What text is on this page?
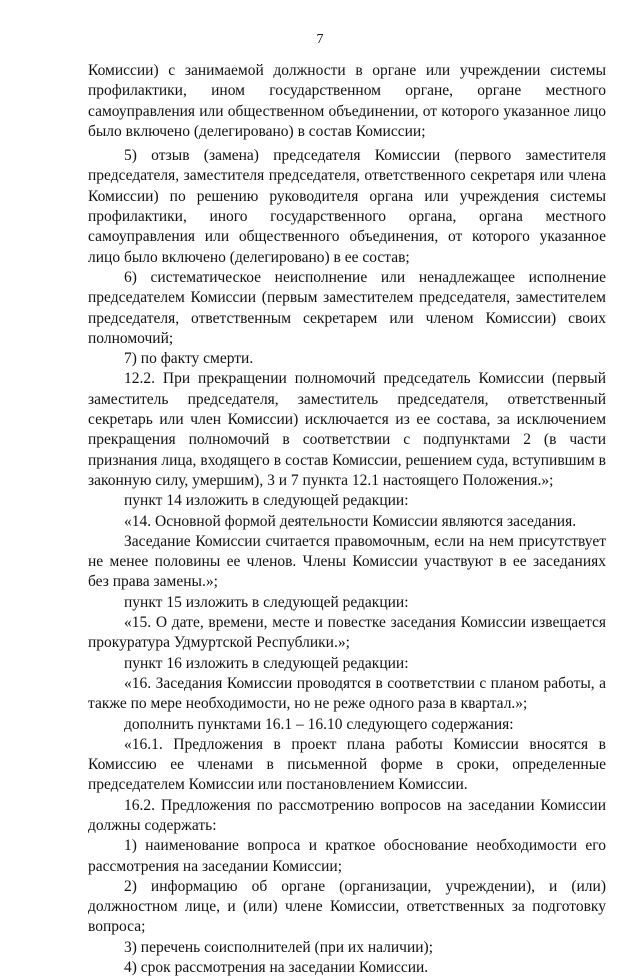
7

Комиссии) с занимаемой должности в органе или учреждении системы профилактики, ином государственном органе, органе местного самоуправления или общественном объединении, от которого указанное лицо было включено (делегировано) в состав Комиссии;

5) отзыв (замена) председателя Комиссии (первого заместителя председателя, заместителя председателя, ответственного секретаря или члена Комиссии) по решению руководителя органа или учреждения системы профилактики, иного государственного органа, органа местного самоуправления или общественного объединения, от которого указанное лицо было включено (делегировано) в ее состав;

6) систематическое неисполнение или ненадлежащее исполнение председателем Комиссии (первым заместителем председателя, заместителем председателя, ответственным секретарем или членом Комиссии) своих полномочий;

7) по факту смерти.

12.2. При прекращении полномочий председатель Комиссии (первый заместитель председателя, заместитель председателя, ответственный секретарь или член Комиссии) исключается из ее состава, за исключением прекращения полномочий в соответствии с подпунктами 2 (в части признания лица, входящего в состав Комиссии, решением суда, вступившим в законную силу, умершим), 3 и 7 пункта 12.1 настоящего Положения.»;

пункт 14 изложить в следующей редакции:

«14. Основной формой деятельности Комиссии являются заседания.

Заседание Комиссии считается правомочным, если на нем присутствует не менее половины ее членов. Члены Комиссии участвуют в ее заседаниях без права замены.»;

пункт 15 изложить в следующей редакции:

«15. О дате, времени, месте и повестке заседания Комиссии извещается прокуратура Удмуртской Республики.»;

пункт 16 изложить в следующей редакции:

«16. Заседания Комиссии проводятся в соответствии с планом работы, а также по мере необходимости, но не реже одного раза в квартал.»;

дополнить пунктами 16.1 – 16.10 следующего содержания:

«16.1. Предложения в проект плана работы Комиссии вносятся в Комиссию ее членами в письменной форме в сроки, определенные председателем Комиссии или постановлением Комиссии.

16.2. Предложения по рассмотрению вопросов на заседании Комиссии должны содержать:

1) наименование вопроса и краткое обоснование необходимости его рассмотрения на заседании Комиссии;

2) информацию об органе (организации, учреждении), и (или) должностном лице, и (или) члене Комиссии, ответственных за подготовку вопроса;

3) перечень соисполнителей (при их наличии);

4) срок рассмотрения на заседании Комиссии.
